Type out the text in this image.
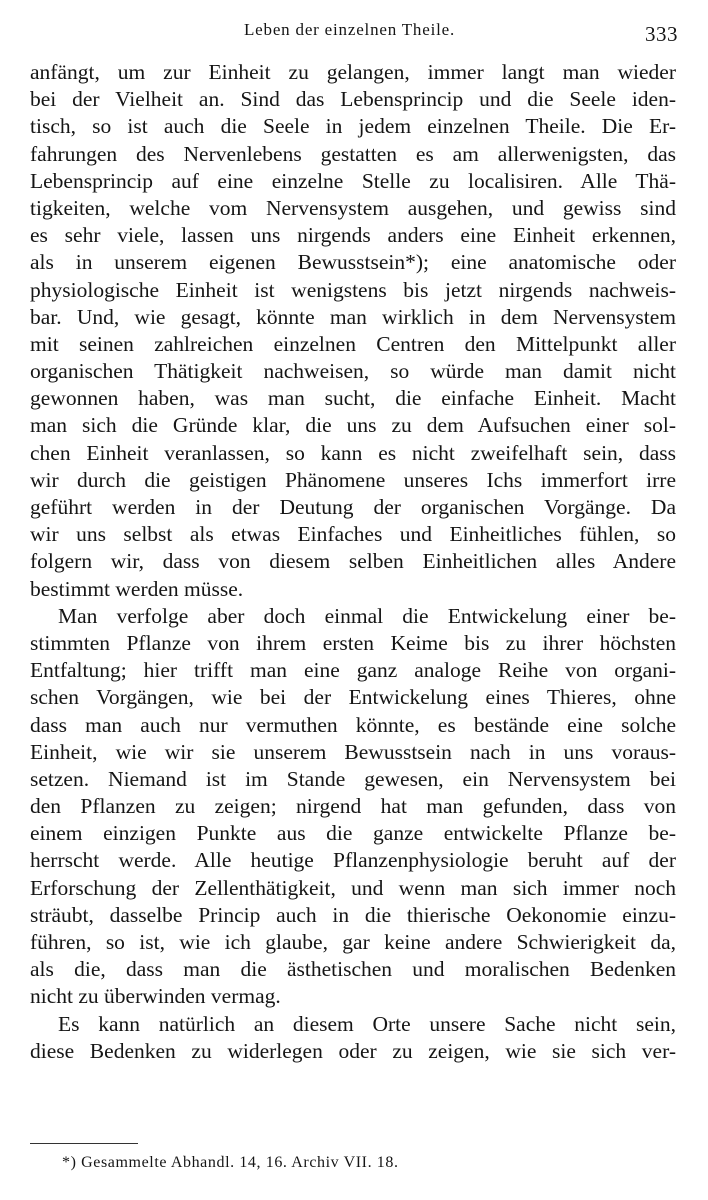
Leben der einzelnen Theile.	333
anfängt, um zur Einheit zu gelangen, immer langt man wieder
bei der Vielheit an. Sind das Lebensprincip und die Seele iden-
tisch, so ist auch die Seele in jedem einzelnen Theile. Die Er-
fahrungen des Nervenlebens gestatten es am allerwenigsten, das
Lebensprincip auf eine einzelne Stelle zu localisiren. Alle Thä-
tigkeiten, welche vom Nervensystem ausgehen, und gewiss sind
es sehr viele, lassen uns nirgends anders eine Einheit erkennen,
als in unserem eigenen Bewusstsein*); eine anatomische oder
physiologische Einheit ist wenigstens bis jetzt nirgends nachweis-
bar. Und, wie gesagt, könnte man wirklich in dem Nervensystem
mit seinen zahlreichen einzelnen Centren den Mittelpunkt aller
organischen Thätigkeit nachweisen, so würde man damit nicht
gewonnen haben, was man sucht, die einfache Einheit. Macht
man sich die Gründe klar, die uns zu dem Aufsuchen einer sol-
chen Einheit veranlassen, so kann es nicht zweifelhaft sein, dass
wir durch die geistigen Phänomene unseres Ichs immerfort irre
geführt werden in der Deutung der organischen Vorgänge. Da
wir uns selbst als etwas Einfaches und Einheitliches fühlen, so
folgern wir, dass von diesem selben Einheitlichen alles Andere
bestimmt werden müsse.
Man verfolge aber doch einmal die Entwickelung einer be-
stimmten Pflanze von ihrem ersten Keime bis zu ihrer höchsten
Entfaltung; hier trifft man eine ganz analoge Reihe von organi-
schen Vorgängen, wie bei der Entwickelung eines Thieres, ohne
dass man auch nur vermuthen könnte, es bestände eine solche
Einheit, wie wir sie unserem Bewusstsein nach in uns voraus-
setzen. Niemand ist im Stande gewesen, ein Nervensystem bei
den Pflanzen zu zeigen; nirgend hat man gefunden, dass von
einem einzigen Punkte aus die ganze entwickelte Pflanze be-
herrscht werde. Alle heutige Pflanzenphysiologie beruht auf der
Erforschung der Zellenthätigkeit, und wenn man sich immer noch
sträubt, dasselbe Princip auch in die thierische Oekonomie einzu-
führen, so ist, wie ich glaube, gar keine andere Schwierigkeit da,
als die, dass man die ästhetischen und moralischen Bedenken
nicht zu überwinden vermag.
Es kann natürlich an diesem Orte unsere Sache nicht sein,
diese Bedenken zu widerlegen oder zu zeigen, wie sie sich ver-
*) Gesammelte Abhandl. 14, 16. Archiv VII. 18.
